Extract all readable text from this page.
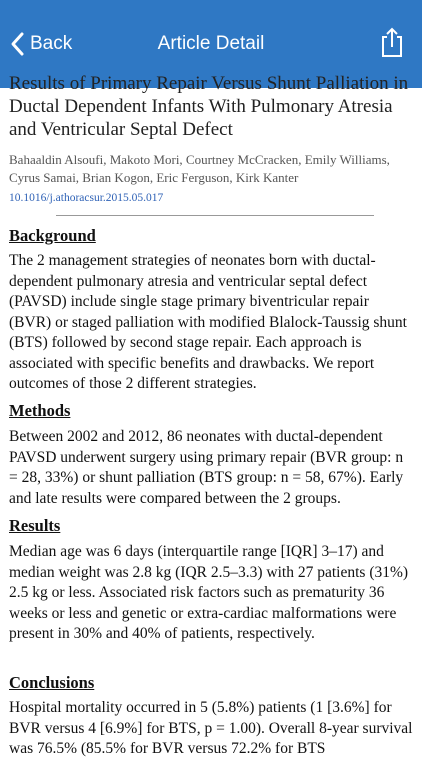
Back	Article Detail
Results of Primary Repair Versus Shunt Palliation in Ductal Dependent Infants With Pulmonary Atresia and Ventricular Septal Defect
Bahaaldin Alsoufi, Makoto Mori, Courtney McCracken, Emily Williams, Cyrus Samai, Brian Kogon, Eric Ferguson, Kirk Kanter
10.1016/j.athoracsur.2015.05.017
Background
The 2 management strategies of neonates born with ductal-dependent pulmonary atresia and ventricular septal defect (PAVSD) include single stage primary biventricular repair (BVR) or staged palliation with modified Blalock-Taussig shunt (BTS) followed by second stage repair. Each approach is associated with specific benefits and drawbacks. We report outcomes of those 2 different strategies.
Methods
Between 2002 and 2012, 86 neonates with ductal-dependent PAVSD underwent surgery using primary repair (BVR group: n = 28, 33%) or shunt palliation (BTS group: n = 58, 67%). Early and late results were compared between the 2 groups.
Results
Median age was 6 days (interquartile range [IQR] 3–17) and median weight was 2.8 kg (IQR 2.5–3.3) with 27 patients (31%) 2.5 kg or less. Associated risk factors such as prematurity 36 weeks or less and genetic or extra-cardiac malformations were present in 30% and 40% of patients, respectively.
Conclusions
Hospital mortality occurred in 5 (5.8%) patients (1 [3.6%] for BVR versus 4 [6.9%] for BTS, p = 1.00). Overall 8-year survival was 76.5% (85.5% for BVR versus 72.2% for BTS
